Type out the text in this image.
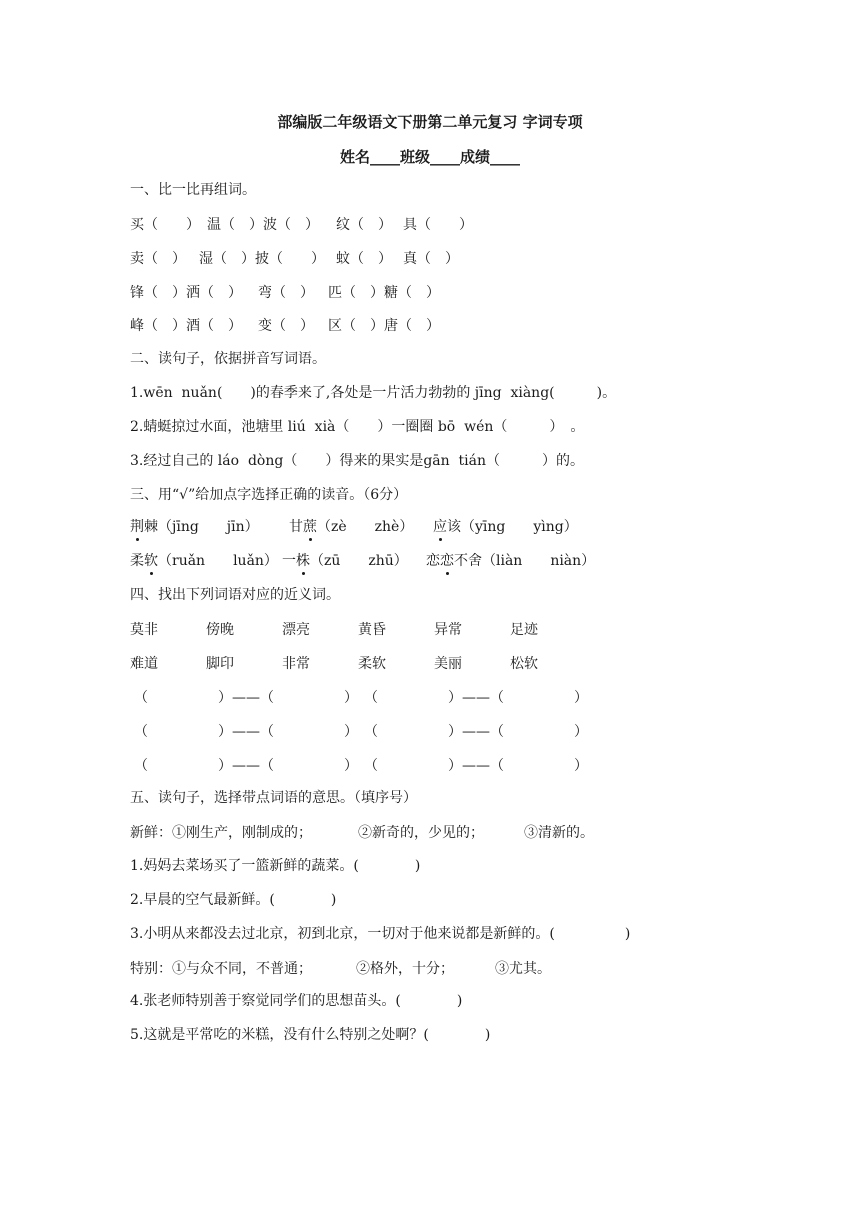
部编版二年级语文下册第二单元复习 字词专项
姓名____班级____成绩____
一、比一比再组词。
买（　　） 温（　）波（　） 纹（　） 具（　　）
卖（　） 湿（　）披（　　） 蚊（　） 真（　）
锋（　）洒（　） 弯（　） 匹（　）糖（　）
峰（　）酒（　） 变（　） 区（　）唐（　）
二、读句子，依据拼音写词语。
1.wēn  nuǎn(　　)的春季来了,各处是一片活力勃勃的 jīng  xiàng(　　　)。
2.蜻蜓掠过水面，池塘里 liú  xià（　　）一圈圈 bō  wén（　　　）　。
3.经过自己的 láo  dòng（　　）得来的果实是gān  tián（　　　）的。
三、用“√”给加点字选择正确的读音。（6分）
荆棘（jīng　　jīn） 甘蔗（zè　　zhè） 应该（yīng　　yìng）
柔软（ruǎn　　luǎn） 一株（zū　　zhū） 恋恋不舍（liàn　　niàn）
四、找出下列词语对应的近义词。
莫非	傍晚	漂亮	黄昏	异常	足迹
难道	脚印	非常	柔软	美丽	松软
（　　　　　）——（　　　　　） （　　　　　）——（　　　　　）
（　　　　　）——（　　　　　） （　　　　　）——（　　　　　）
（　　　　　）——（　　　　　） （　　　　　）——（　　　　　）
五、读句子，选择带点词语的意思。（填序号）
新鲜：①刚生产，刚制成的；	②新奇的，少见的；	③清新的。
1.妈妈去菜场买了一篮新鲜的蔬菜。(　　　　)
2.早晨的空气最新鲜。(　　　　)
3.小明从来都没去过北京，初到北京，一切对于他来说都是新鲜的。(　　　　　)
特别：①与众不同，不普通；	②格外，十分；	③尤其。
4.张老师特别善于察觉同学们的思想苗头。(　　　　)
5.这就是平常吃的米糕，没有什么特别之处啊？(　　　　)
